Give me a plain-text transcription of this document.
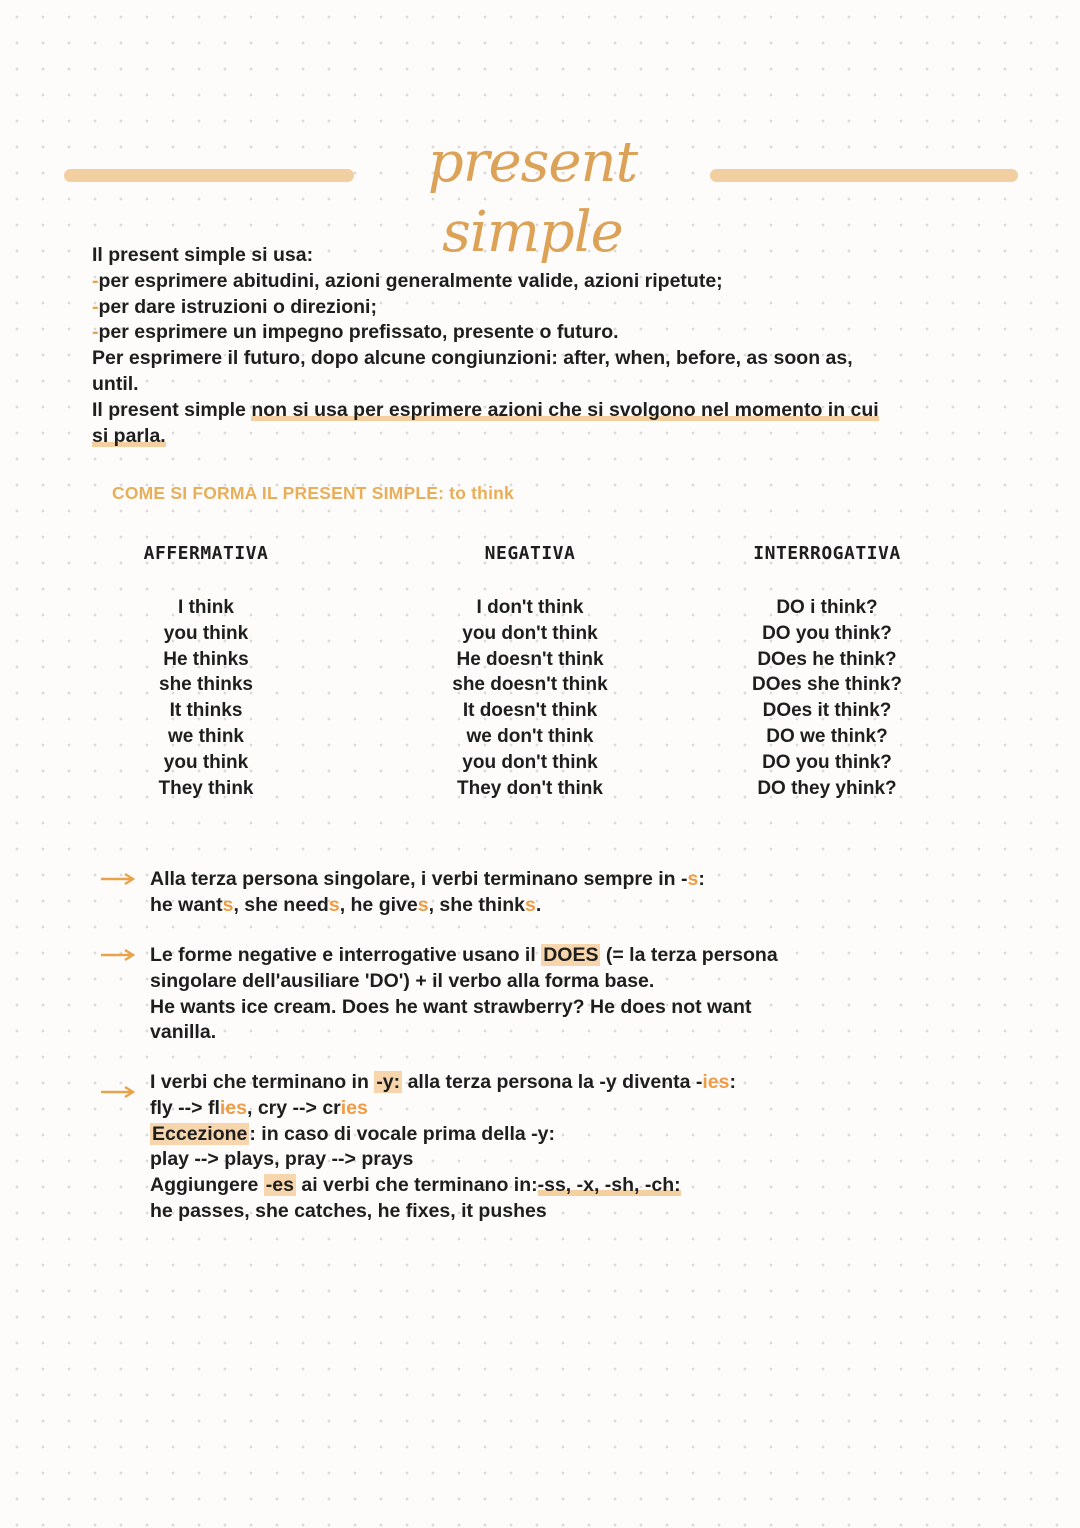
present simple
Il present simple si usa:
-per esprimere abitudini, azioni generalmente valide, azioni ripetute;
-per dare istruzioni o direzioni;
-per esprimere un impegno prefissato, presente o futuro.
Per esprimere il futuro, dopo alcune congiunzioni: after, when, before, as soon as,
until.
Il present simple non si usa per esprimere azioni che si svolgono nel momento in cui
si parla.
COME SI FORMA IL PRESENT SIMPLE: to think
AFFERMATIVA
I think
you think
He thinks
she thinks
It thinks
we think
you think
They think
NEGATIVA
I don't think
you don't think
He doesn't think
she doesn't think
It doesn't think
we don't think
you don't think
They don't think
INTERROGATIVA
DO i think?
DO you think?
DOes he think?
DOes she think?
DOes it think?
DO we think?
DO you think?
DO they yhink?
Alla terza persona singolare, i verbi terminano sempre in -s:
he wants, she needs, he gives, she thinks.
Le forme negative e interrogative usano il DOES (= la terza persona
singolare dell'ausiliare 'DO') + il verbo alla forma base.
He wants ice cream. Does he want strawberry? He does not want
vanilla.
I verbi che terminano in -y: alla terza persona la -y diventa -ies:
fly --> flies, cry --> cries
Eccezione : in caso di vocale prima della -y:
play --> plays, pray --> prays
Aggiungere -es ai verbi che terminano in:-ss, -x, -sh, -ch:
he passes, she catches, he fixes, it pushes
